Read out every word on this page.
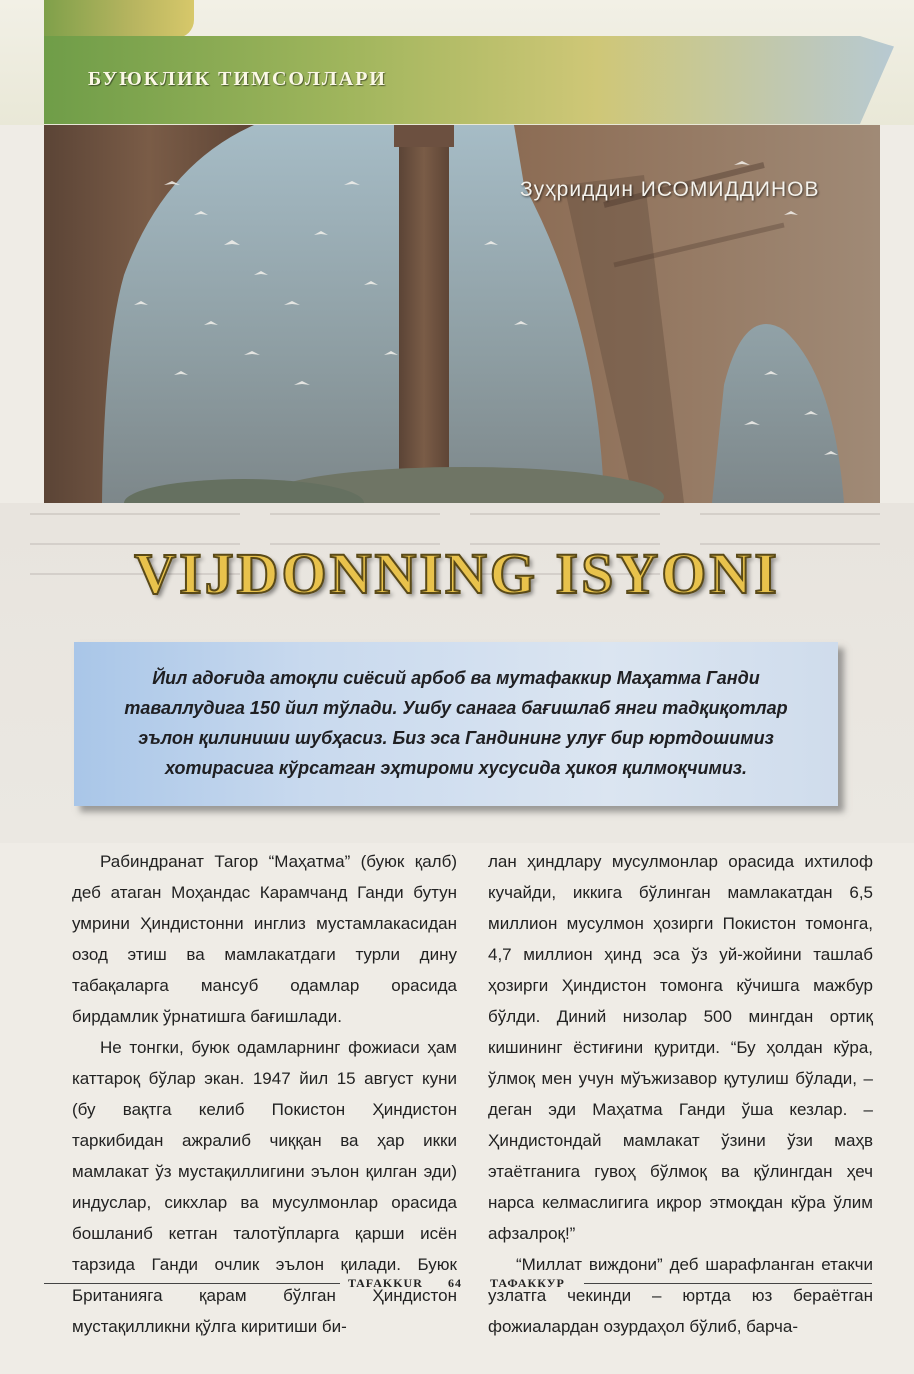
БУЮКЛИК ТИМСОЛЛАРИ
Зуҳриддин ИСОМИДДИНОВ
VIJDONNING ISYONI
Йил адоғида атоқли сиёсий арбоб ва мутафаккир Маҳатма Ганди таваллудига 150 йил тўлади. Ушбу санага бағишлаб янги тадқиқотлар эълон қилиниши шубҳасиз. Биз эса Гандининг улуғ бир юртдошимиз хотирасига кўрсатган эҳтироми хусусида ҳикоя қилмоқчимиз.

Рабиндранат Тагор “Маҳатма” (буюк қалб) деб атаган Моҳандас Карамчанд Ганди бутун умрини Ҳиндистонни инглиз мустамлакасидан озод этиш ва мамлакатдаги турли дину табақаларга мансуб одамлар орасида бирдамлик ўрнатишга бағишлади.

Не тонгки, буюк одамларнинг фожиаси ҳам каттароқ бўлар экан. 1947 йил 15 август куни (бу вақтга келиб Покистон Ҳиндистон таркибидан ажралиб чиққан ва ҳар икки мамлакат ўз мустақиллигини эълон қилган эди) индуслар, сикхлар ва мусулмонлар орасида бошланиб кетган талотўпларга қарши исён тарзида Ганди очлик эълон қилади. Буюк Британияга қарам бўлган Ҳиндистон мустақилликни қўлга киритиши би-

лан ҳиндлару мусулмонлар орасида ихтилоф кучайди, иккига бўлинган мамлакатдан 6,5 миллион мусулмон ҳозирги Покистон томонга, 4,7 миллион ҳинд эса ўз уй-жойини ташлаб ҳозирги Ҳиндистон томонга кўчишга мажбур бўлди. Диний низолар 500 мингдан ортиқ кишининг ёстиғини қуритди. “Бу ҳолдан кўра, ўлмоқ мен учун мўъжизавор қутулиш бўлади, – деган эди Маҳатма Ганди ўша кезлар. – Ҳиндистондай мамлакат ўзини ўзи маҳв этаётганига гувоҳ бўлмоқ ва қўлингдан ҳеч нарса келмаслигига иқрор этмоқдан кўра ўлим афзалроқ!”

“Миллат виждони” деб шарафланган етакчи узлатга чекинди – юртда юз бераётган фожиалардан озурдаҳол бўлиб, барча-

TAFAKKUR 64 ТАФАККУР
